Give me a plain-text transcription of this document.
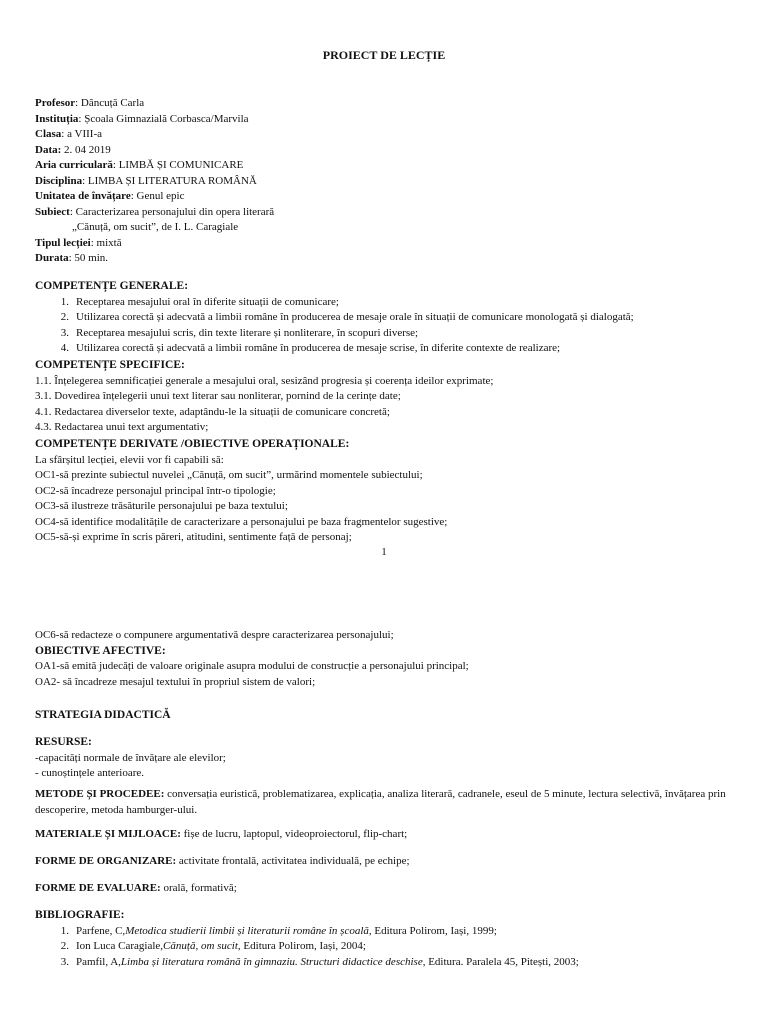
PROIECT DE LECȚIE
Profesor: Dâncuță Carla
Instituția: Școala Gimnazială Corbasca/Marvila
Clasa: a VIII-a
Data: 2. 04 2019
Aria curriculară: LIMBĂ ȘI COMUNICARE
Disciplina: LIMBA ȘI LITERATURA ROMÂNĂ
Unitatea de învățare: Genul epic
Subiect: Caracterizarea personajului din opera literară
„Cănuță, om sucit”, de I. L. Caragiale
Tipul lecției: mixtă
Durata: 50 min.
COMPETENȚE GENERALE:
1. Receptarea mesajului oral în diferite situații de comunicare;
2. Utilizarea corectă și adecvată a limbii române în producerea de mesaje orale în situații de comunicare monologată și dialogată;
3. Receptarea mesajului scris, din texte literare și nonliterare, în scopuri diverse;
4. Utilizarea corectă și adecvată a limbii române în producerea de mesaje scrise, în diferite contexte de realizare;
COMPETENȚE SPECIFICE:
1.1. Înțelegerea semnificației generale a mesajului oral, sesizând progresia și coerența ideilor exprimate;
3.1. Dovedirea înțelegerii unui text literar sau nonliterar, pornind de la cerințe date;
4.1. Redactarea diverselor texte, adaptându-le la situații de comunicare concretă;
4.3. Redactarea unui text argumentativ;
COMPETENȚE DERIVATE /OBIECTIVE OPERAȚIONALE:
La sfârșitul lecției, elevii vor fi capabili să:
OC1-să prezinte subiectul nuvelei „Cănuță, om sucit”, urmărind momentele subiectului;
OC2-să încadreze personajul principal într-o tipologie;
OC3-să ilustreze trăsăturile personajului pe baza textului;
OC4-să identifice modalitățile de caracterizare a personajului pe baza fragmentelor sugestive;
OC5-să-și exprime în scris păreri, atitudini, sentimente față de personaj;
1
OC6-să redacteze o compunere argumentativă despre caracterizarea personajului;
OBIECTIVE AFECTIVE:
OA1-să emită judecăți de valoare originale asupra modului de construcție a personajului principal;
OA2- să încadreze mesajul textului în propriul sistem de valori;
STRATEGIA DIDACTICĂ
RESURSE:
-capacități normale de învățare ale elevilor;
- cunoștințele anterioare.

METODE ȘI PROCEDEE: conversația euristică, problematizarea, explicația, analiza literară, cadranele, eseul de 5 minute, lectura selectivă, învățarea prin descoperire, metoda hamburger-ului.

MATERIALE ȘI MIJLOACE: fișe de lucru, laptopul, videoproiectorul, flip-chart;
FORME DE ORGANIZARE: activitate frontală, activitatea individuală, pe echipe;
FORME DE EVALUARE: orală, formativă;
BIBLIOGRAFIE:
1. Parfene, C, Metodica studierii limbii și literaturii române în școală , Editura Polirom, Iași, 1999;
2. Ion Luca Caragiale, Cănuță, om sucit , Editura Polirom, Iași, 2004;
3. Pamfil, A, Limba și literatura română în gimnaziu. Structuri didactice deschise , Editura. Paralela 45, Pitești, 2003;
